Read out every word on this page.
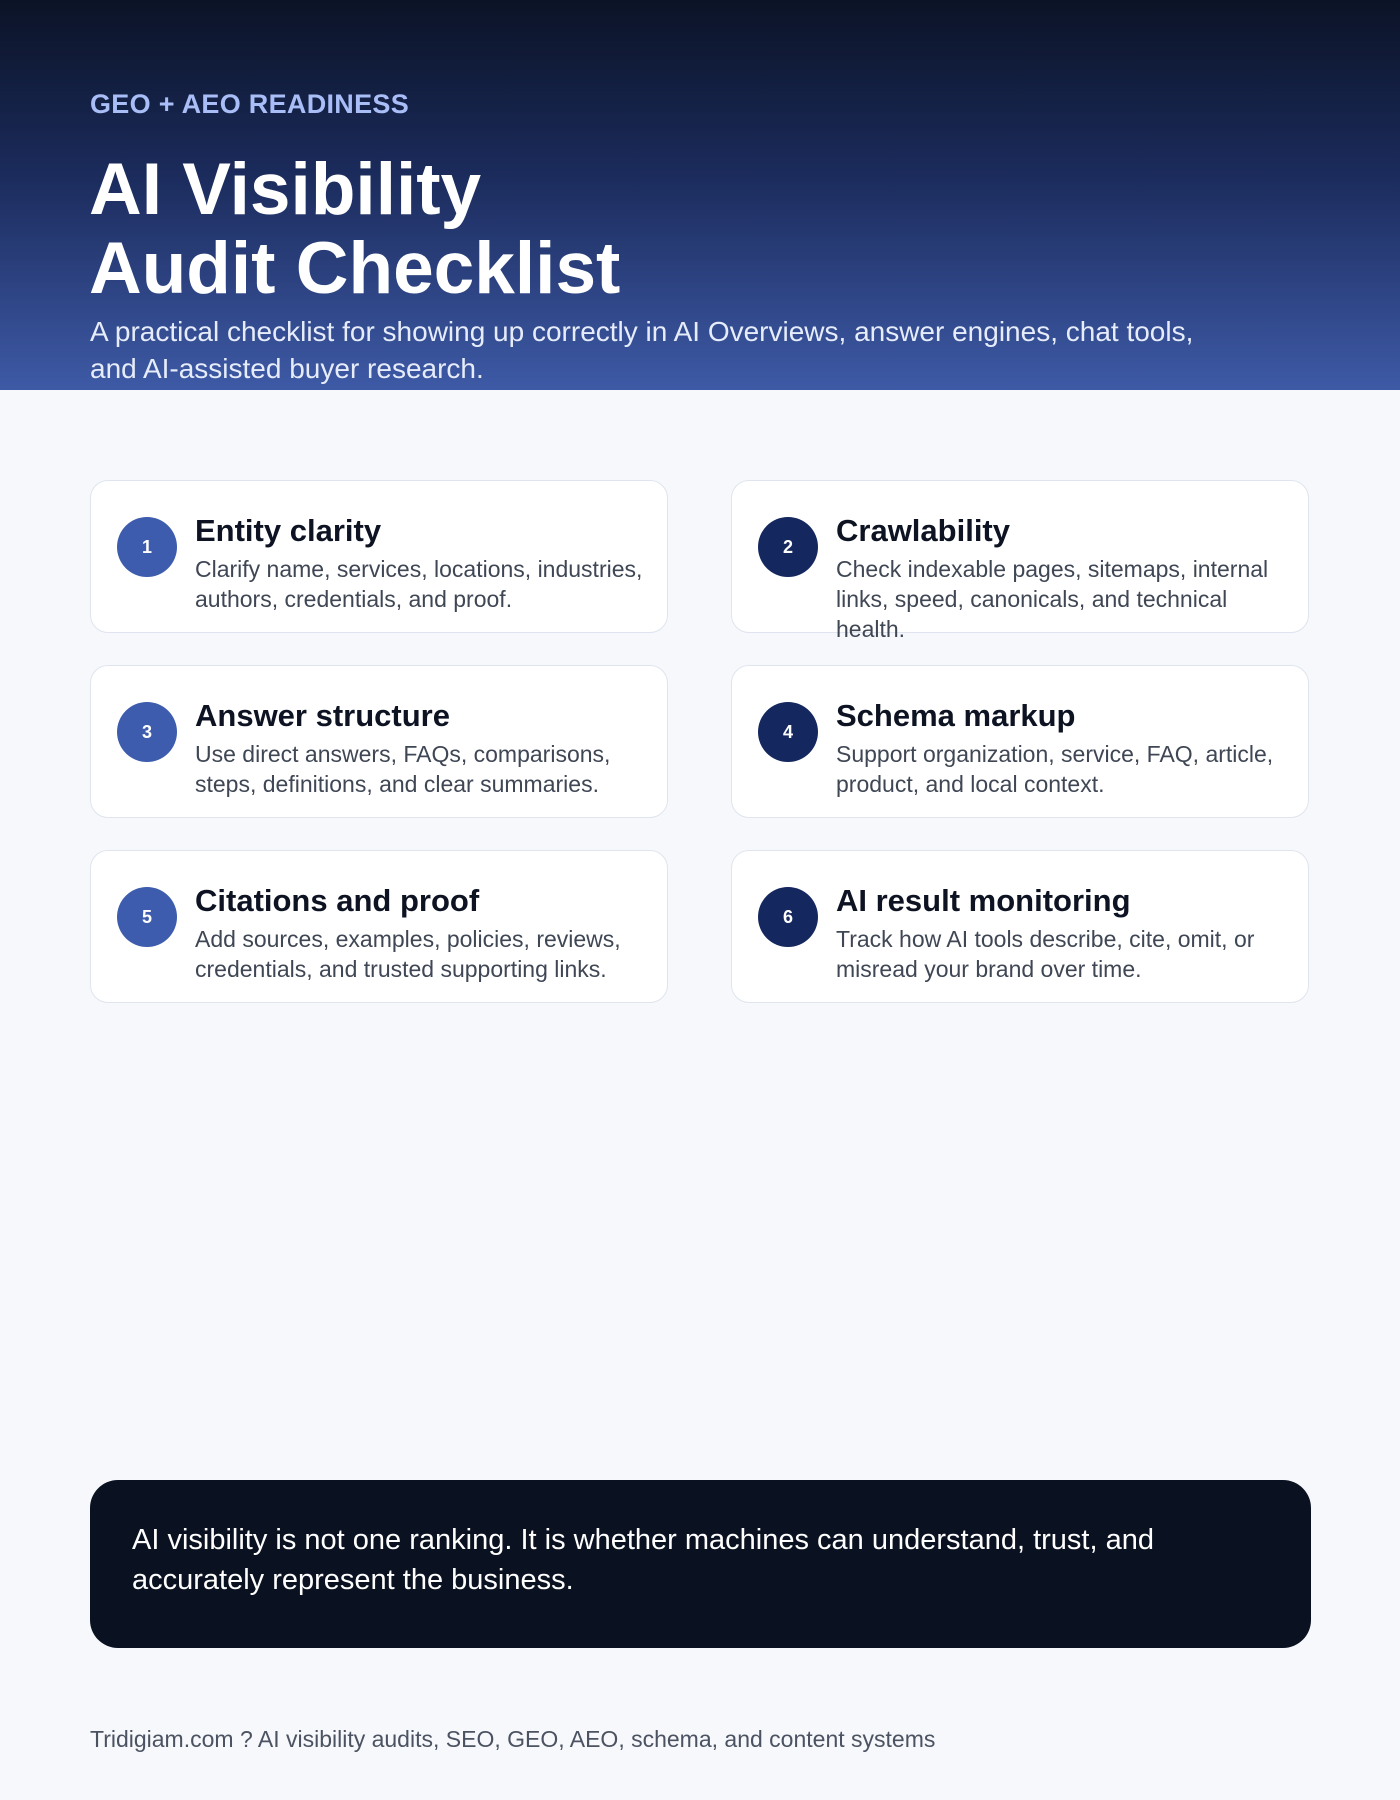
GEO + AEO READINESS
AI Visibility
Audit Checklist

A practical checklist for showing up correctly in AI Overviews, answer engines, chat tools, and AI-assisted buyer research.

1	Entity clarity

Clarify name, services, locations, industries, authors, credentials, and proof.

2	Crawlability

Check indexable pages, sitemaps, internal links, speed, canonicals, and technical health.

3	Answer structure

Use direct answers, FAQs, comparisons, steps, definitions, and clear summaries.

4	Schema markup

Support organization, service, FAQ, article, product, and local context.

5	Citations and proof

Add sources, examples, policies, reviews, credentials, and trusted supporting links.

6	AI result monitoring

Track how AI tools describe, cite, omit, or misread your brand over time.

AI visibility is not one ranking. It is whether machines can understand, trust, and accurately represent the business.

Tridigiam.com ? AI visibility audits, SEO, GEO, AEO, schema, and content systems
